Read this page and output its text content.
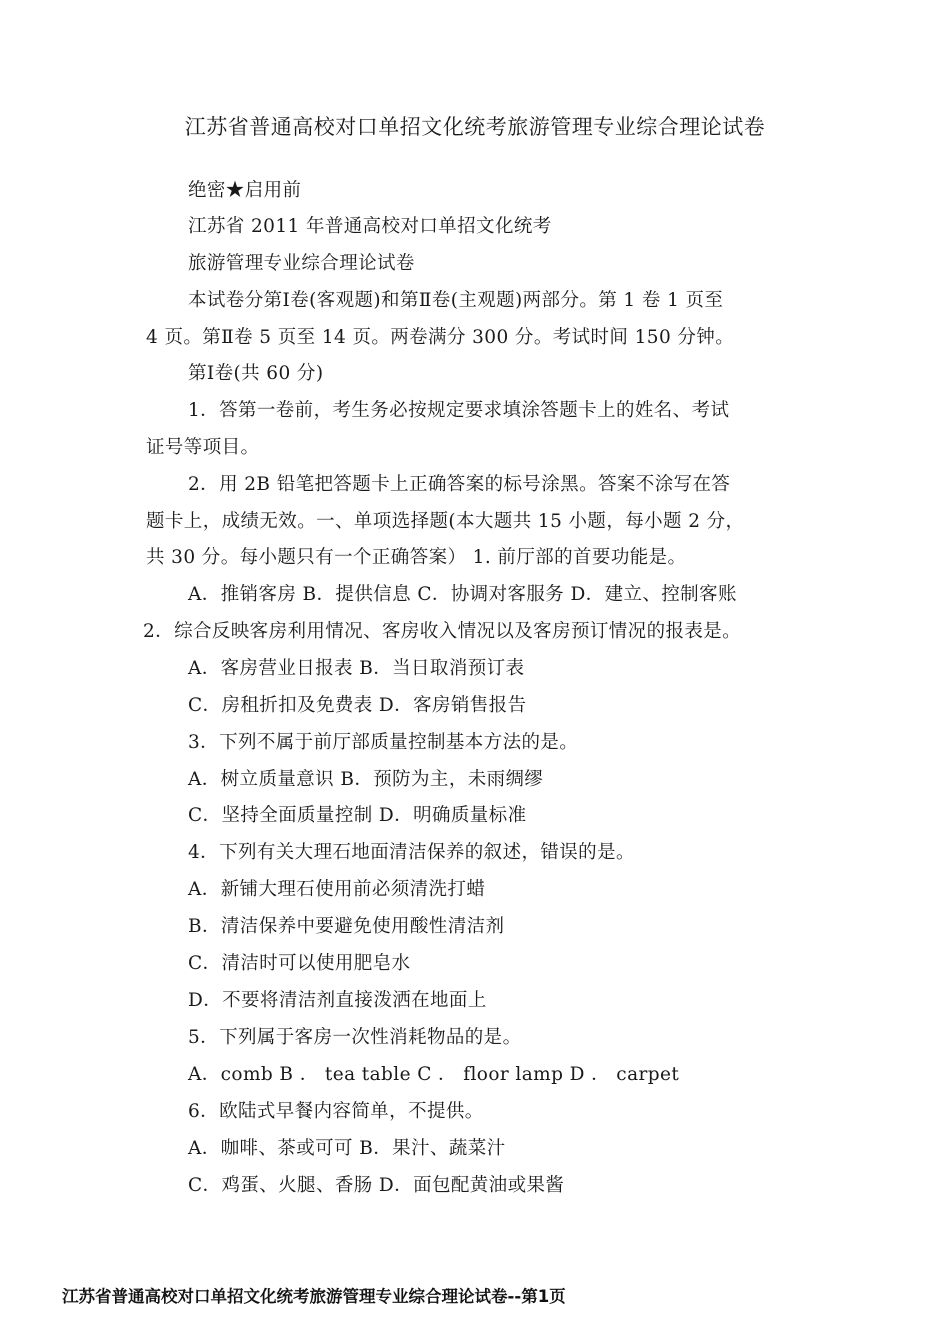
江苏省普通高校对口单招文化统考旅游管理专业综合理论试卷
绝密★启用前
江苏省 2011 年普通高校对口单招文化统考
旅游管理专业综合理论试卷
本试卷分第Ⅰ卷(客观题)和第Ⅱ卷(主观题)两部分。第 1 卷 1 页至
4 页。第Ⅱ卷 5 页至 14 页。两卷满分 300 分。考试时间 150 分钟。
第Ⅰ卷(共 60 分)
1．答第一卷前，考生务必按规定要求填涂答题卡上的姓名、考试
证号等项目。
2．用 2B 铅笔把答题卡上正确答案的标号涂黑。答案不涂写在答
题卡上，成绩无效。一、单项选择题(本大题共 15 小题，每小题 2 分，
共 30 分。每小题只有一个正确答案） 1. 前厅部的首要功能是。
A．推销客房 B．提供信息 C．协调对客服务 D．建立、控制客账
2．综合反映客房利用情况、客房收入情况以及客房预订情况的报表是。
A．客房营业日报表 B．当日取消预订表
C．房租折扣及免费表 D．客房销售报告
3．下列不属于前厅部质量控制基本方法的是。
A．树立质量意识 B．预防为主，未雨绸缪
C．坚持全面质量控制 D．明确质量标准
4．下列有关大理石地面清洁保养的叙述，错误的是。
A．新铺大理石使用前必须清洗打蜡
B．清洁保养中要避免使用酸性清洁剂
C．清洁时可以使用肥皂水
D．不要将清洁剂直接泼洒在地面上
5．下列属于客房一次性消耗物品的是。
A．comb B ． tea table C ． floor lamp D ． carpet
6．欧陆式早餐内容简单，不提供。
A．咖啡、茶或可可 B．果汁、蔬菜汁
C．鸡蛋、火腿、香肠 D．面包配黄油或果酱
江苏省普通高校对口单招文化统考旅游管理专业综合理论试卷--第1页
